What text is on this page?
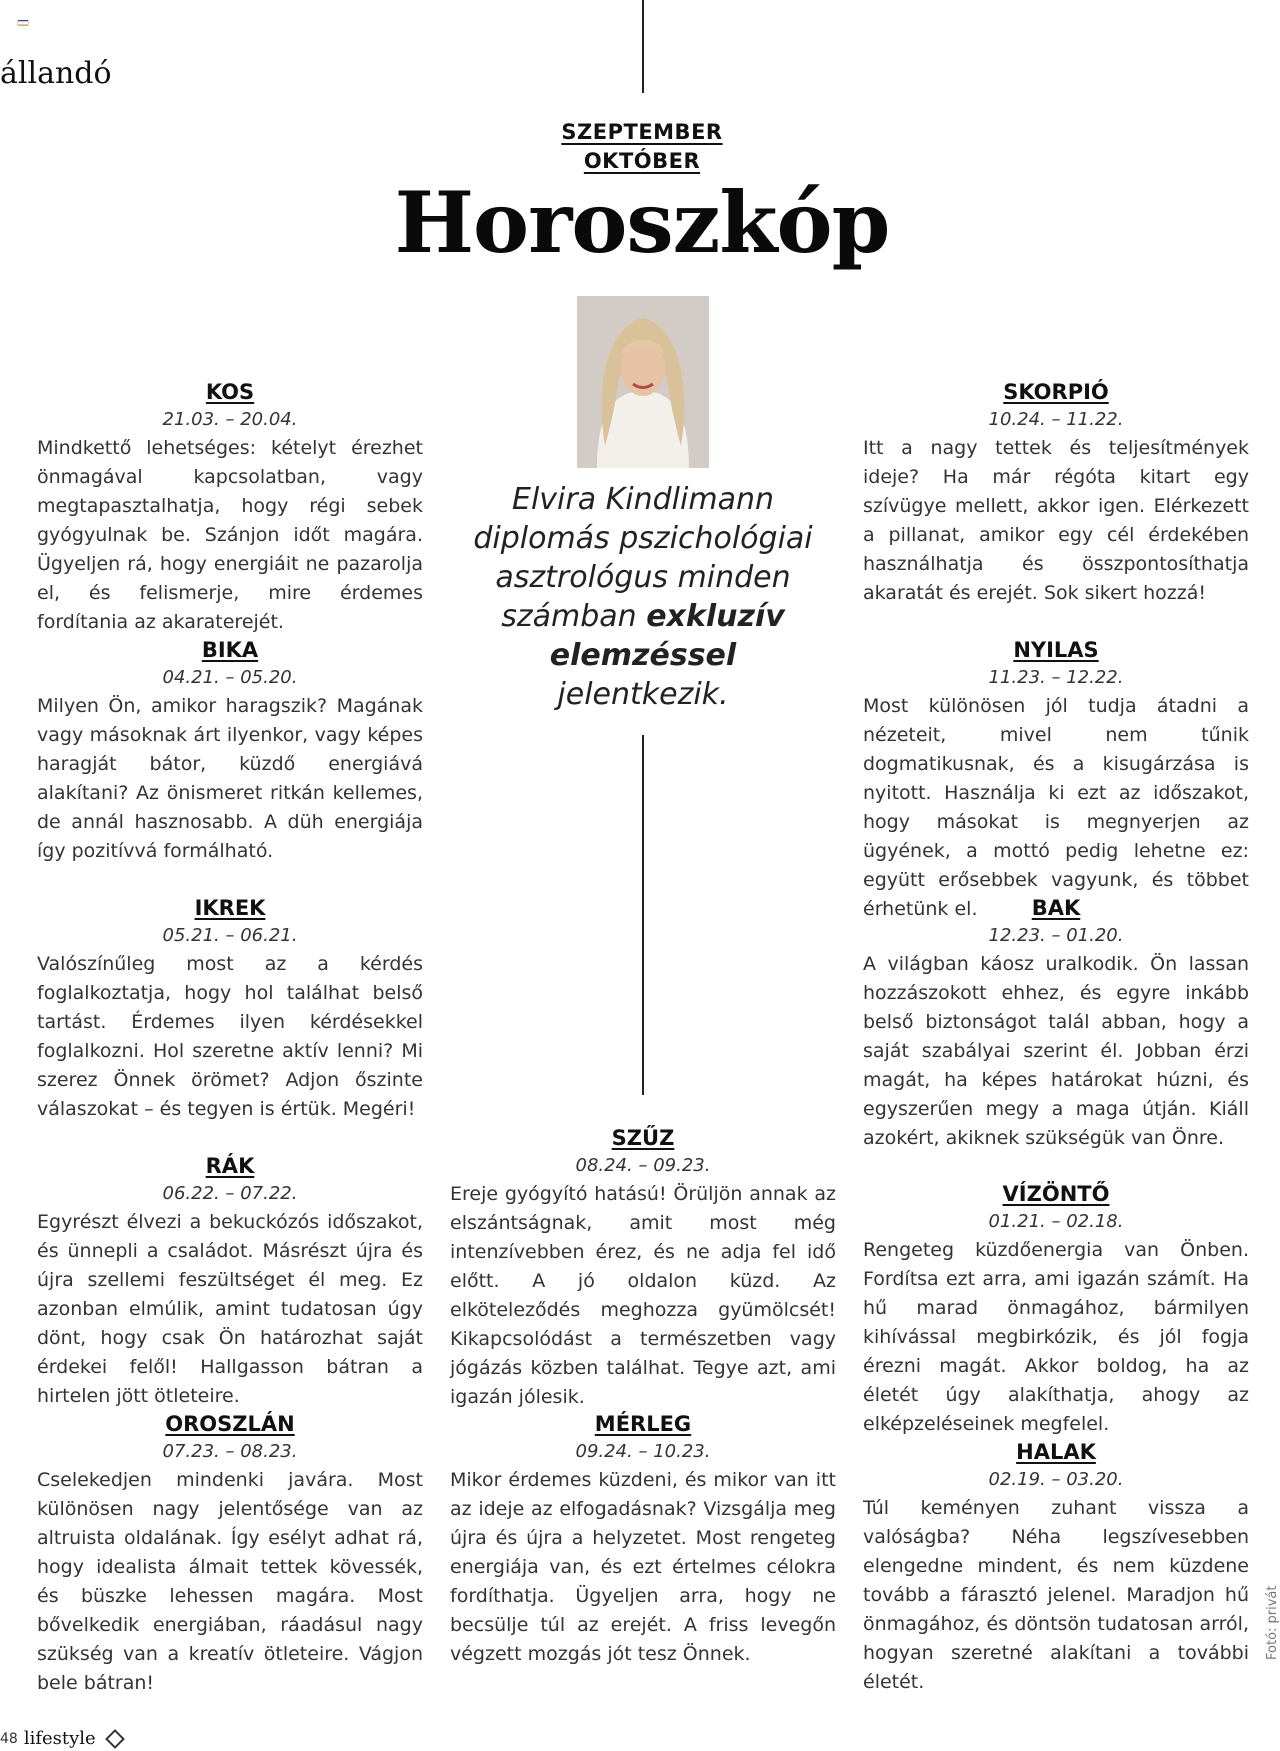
állandó
SZEPTEMBER
OKTÓBER
Horoszkóp
Elvira Kindlimann diplomás pszichológiai asztrológus minden számban exkluzív elemzéssel jelentkezik.
KOS
21.03. – 20.04.
Mindkettő lehetséges: kételyt érezhet önmagával kapcsolatban, vagy megtapasztalhatja, hogy régi sebek gyógyulnak be. Szánjon időt magára. Ügyeljen rá, hogy energiáit ne pazarolja el, és felismerje, mire érdemes fordítania az akaraterejét.
BIKA
04.21. – 05.20.
Milyen Ön, amikor haragszik? Magának vagy másoknak árt ilyenkor, vagy képes haragját bátor, küzdő energiává alakítani? Az önismeret ritkán kellemes, de annál hasznosabb. A düh energiája így pozitívvá formálható.
IKREK
05.21. – 06.21.
Valószínűleg most az a kérdés foglalkoztatja, hogy hol találhat belső tartást. Érdemes ilyen kérdésekkel foglalkozni. Hol szeretne aktív lenni? Mi szerez Önnek örömet? Adjon őszinte válaszokat – és tegyen is értük. Megéri!
RÁK
06.22. – 07.22.
Egyrészt élvezi a bekuckózós időszakot, és ünnepli a családot. Másrészt újra és újra szellemi feszültséget él meg. Ez azonban elmúlik, amint tudatosan úgy dönt, hogy csak Ön határozhat saját érdekei felől! Hallgasson bátran a hirtelen jött ötleteire.
OROSZLÁN
07.23. – 08.23.
Cselekedjen mindenki javára. Most különösen nagy jelentősége van az altruista oldalának. Így esélyt adhat rá, hogy idealista álmait tettek kövessék, és büszke lehessen magára. Most bővelkedik energiában, ráadásul nagy szükség van a kreatív ötleteire. Vágjon bele bátran!
SZŰZ
08.24. – 09.23.
Ereje gyógyító hatású! Örüljön annak az elszántságnak, amit most még intenzívebben érez, és ne adja fel idő előtt. A jó oldalon küzd. Az elköteleződés meghozza gyümölcsét! Kikapcsolódást a természetben vagy jógázás közben találhat. Tegye azt, ami igazán jólesik.
MÉRLEG
09.24. – 10.23.
Mikor érdemes küzdeni, és mikor van itt az ideje az elfogadásnak? Vizsgálja meg újra és újra a helyzetet. Most rengeteg energiája van, és ezt értelmes célokra fordíthatja. Ügyeljen arra, hogy ne becsülje túl az erejét. A friss levegőn végzett mozgás jót tesz Önnek.
SKORPIÓ
10.24. – 11.22.
Itt a nagy tettek és teljesítmények ideje? Ha már régóta kitart egy szívügye mellett, akkor igen. Elérkezett a pillanat, amikor egy cél érdekében használhatja és összpontosíthatja akaratát és erejét. Sok sikert hozzá!
NYILAS
11.23. – 12.22.
Most különösen jól tudja átadni a nézeteit, mivel nem tűnik dogmatikusnak, és a kisugárzása is nyitott. Használja ki ezt az időszakot, hogy másokat is megnyerjen az ügyének, a mottó pedig lehetne ez: együtt erősebbek vagyunk, és többet érhetünk el.	BAK
12.23. – 01.20.
A világban káosz uralkodik. Ön lassan hozzászokott ehhez, és egyre inkább belső biztonságot talál abban, hogy a saját szabályai szerint él. Jobban érzi magát, ha képes határokat húzni, és egyszerűen megy a maga útján. Kiáll azokért, akiknek szükségük van Önre.
VÍZÖNTŐ
01.21. – 02.18.
Rengeteg küzdőenergia van Önben. Fordítsa ezt arra, ami igazán számít. Ha hű marad önmagához, bármilyen kihívással megbirkózik, és jól fogja érezni magát. Akkor boldog, ha az életét úgy alakíthatja, ahogy az elképzeléseinek megfelel.
HALAK
02.19. – 03.20.
Túl keményen zuhant vissza a valóságba? Néha legszívesebben elengedne mindent, és nem küzdene tovább a fárasztó jelenel. Maradjon hű önmagához, és döntsön tudatosan arról, hogyan szeretné alakítani a további életét.
Fotó: privát
48 lifestyle
